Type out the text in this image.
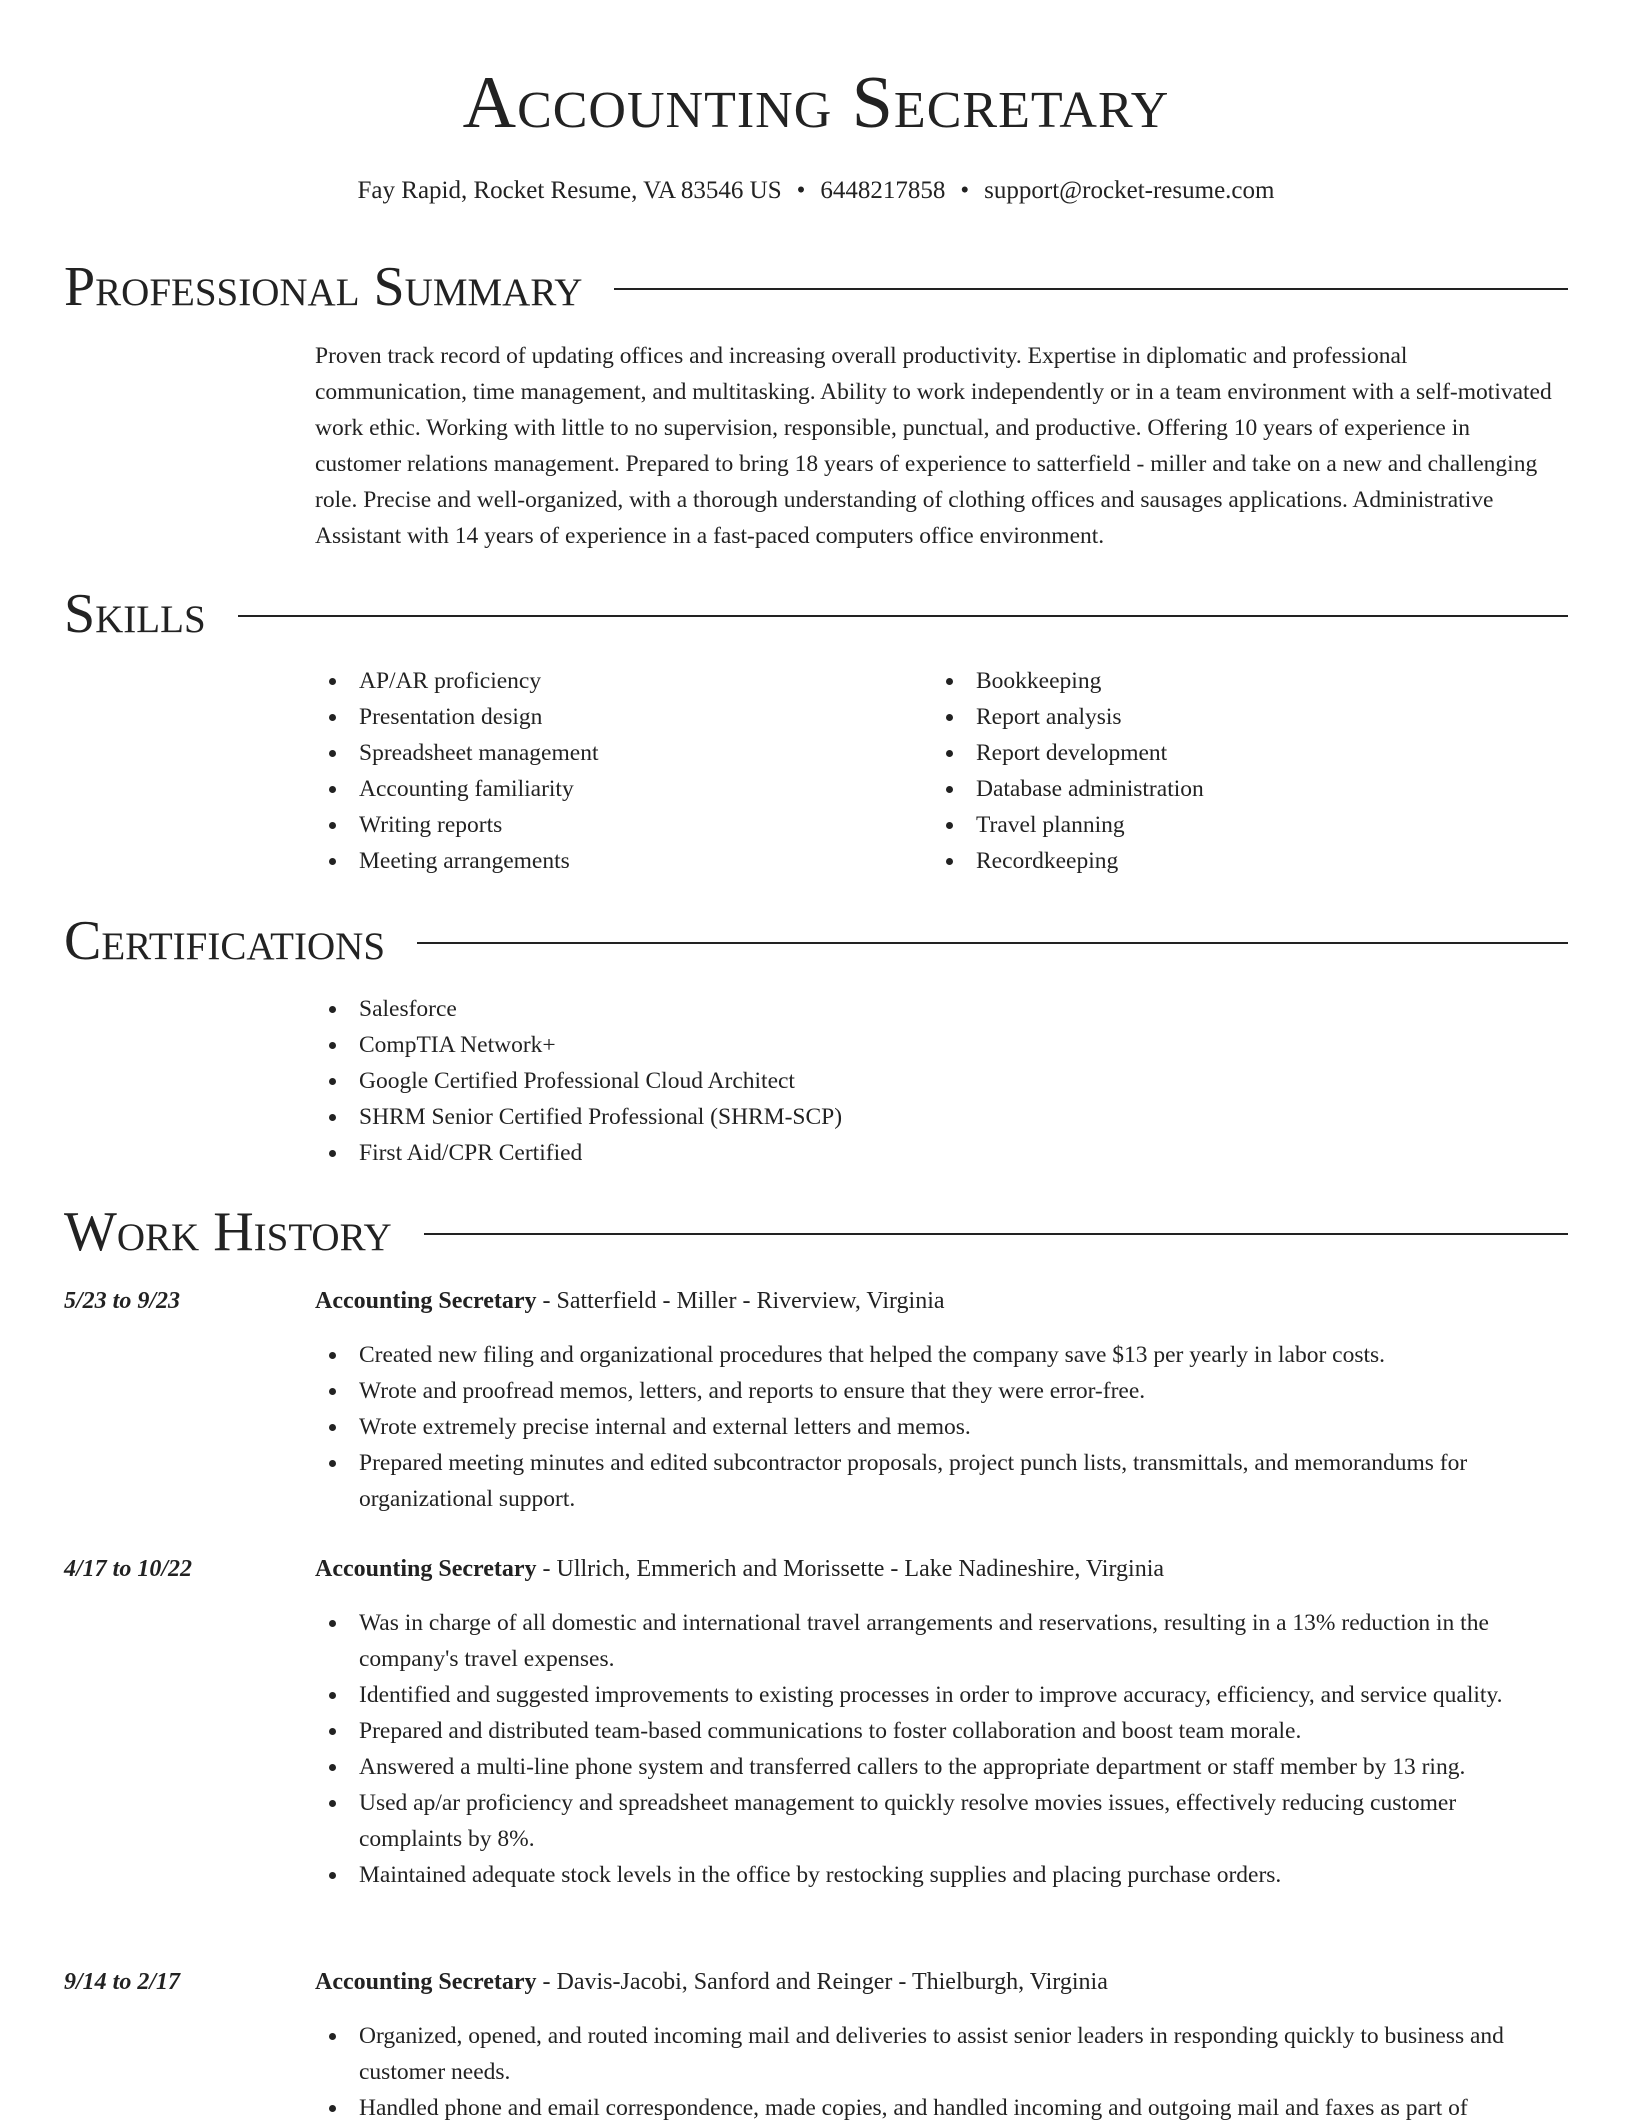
Accounting Secretary
Fay Rapid, Rocket Resume, VA 83546 US • 6448217858 • support@rocket-resume.com
Professional Summary

Proven track record of updating offices and increasing overall productivity. Expertise in diplomatic and professional communication, time management, and multitasking. Ability to work independently or in a team environment with a self-motivated work ethic. Working with little to no supervision, responsible, punctual, and productive. Offering 10 years of experience in customer relations management. Prepared to bring 18 years of experience to satterfield - miller and take on a new and challenging role. Precise and well-organized, with a thorough understanding of clothing offices and sausages applications. Administrative Assistant with 14 years of experience in a fast-paced computers office environment.

Skills
AP/AR proficiency
Presentation design
Spreadsheet management
Accounting familiarity
Writing reports
Meeting arrangements
Bookkeeping
Report analysis
Report development
Database administration
Travel planning
Recordkeeping
Certifications
Salesforce
CompTIA Network+
Google Certified Professional Cloud Architect
SHRM Senior Certified Professional (SHRM-SCP)
First Aid/CPR Certified
Work History
5/23 to 9/23	Accounting Secretary - Satterfield - Miller - Riverview, Virginia
Created new filing and organizational procedures that helped the company save $13 per yearly in labor costs.
Wrote and proofread memos, letters, and reports to ensure that they were error-free.
Wrote extremely precise internal and external letters and memos.
Prepared meeting minutes and edited subcontractor proposals, project punch lists, transmittals, and memorandums for organizational support.
4/17 to 10/22	Accounting Secretary - Ullrich, Emmerich and Morissette - Lake Nadineshire, Virginia
Was in charge of all domestic and international travel arrangements and reservations, resulting in a 13% reduction in the company's travel expenses.
Identified and suggested improvements to existing processes in order to improve accuracy, efficiency, and service quality.
Prepared and distributed team-based communications to foster collaboration and boost team morale.
Answered a multi-line phone system and transferred callers to the appropriate department or staff member by 13 ring.
Used ap/ar proficiency and spreadsheet management to quickly resolve movies issues, effectively reducing customer complaints by 8%.
Maintained adequate stock levels in the office by restocking supplies and placing purchase orders.
9/14 to 2/17	Accounting Secretary - Davis-Jacobi, Sanford and Reinger - Thielburgh, Virginia
Organized, opened, and routed incoming mail and deliveries to assist senior leaders in responding quickly to business and customer needs.
Handled phone and email correspondence, made copies, and handled incoming and outgoing mail and faxes as part of
